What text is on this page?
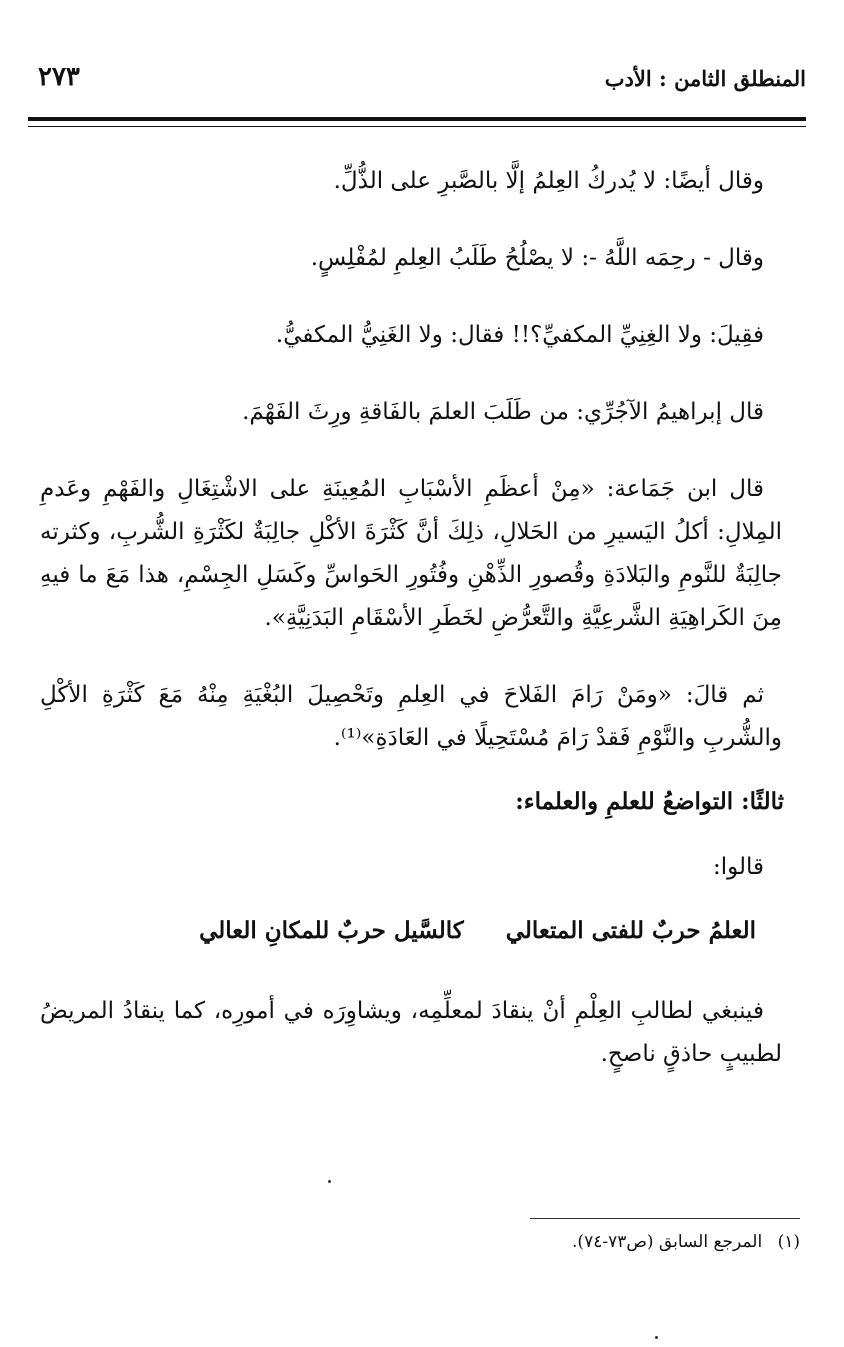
المنطلق الثامن : الأدب
٢٧٣

وقال أيضًا: لا يُدركُ العِلمُ إلَّا بالصَّبرِ على الذُّلِّ.

وقال - رحِمَه اللَّهُ -: لا يصْلُحُ طَلَبُ العِلمِ لمُفْلِسٍ.

فقِيلَ: ولا الغِنِيِّ المكفيِّ؟!! فقال: ولا الغَنِيُّ المكفيُّ.

قال إبراهيمُ الآجُرِّي: من طَلَبَ العلمَ بالفَاقةِ ورِثَ الفَهْمَ.

قال ابن جَمَاعة: «مِنْ أعظَمِ الأسْبَابِ المُعِينَةِ على الاشْتِغَالِ والفَهْمِ وعَدمِ المِلالِ: أكلُ اليَسيرِ من الحَلالِ، ذلِكَ أنَّ كَثْرَةَ الأكْلِ جالِبَةٌ لكَثْرَةِ الشُّربِ، وكثرته جالِبَةٌ للنَّومِ والبَلادَةِ وقُصورِ الذِّهْنِ وفُتُورِ الحَواسِّ وكَسَلِ الجِسْمِ، هذا مَعَ ما فيهِ مِنَ الكَراهِيَةِ الشَّرعِيَّةِ والتَّعرُّضِ لخَطَرِ الأسْقَامِ البَدَنِيَّةِ».

ثم قالَ: «ومَنْ رَامَ الفَلاحَ في العِلمِ وتَحْصِيلَ البُغْيَةِ مِنْهُ مَعَ كَثْرَةِ الأكْلِ والشُّربِ والنَّوْمِ فَقدْ رَامَ مُسْتَحِيلًا في العَادَةِ»⁽¹⁾.

ثالثًا: التواضعُ للعلمِ والعلماء:

قالوا:

العلمُ حربٌ للفتى المتعالي
كالسَّيل حربٌ للمكانِ العالي

فينبغي لطالبِ العِلْمِ أنْ ينقادَ لمعلِّمِه، ويشاوِرَه في أمورِه، كما ينقادُ المريضُ لطبيبٍ حاذقٍ ناصحٍ.

(١) المرجع السابق (ص٧٣-٧٤).
